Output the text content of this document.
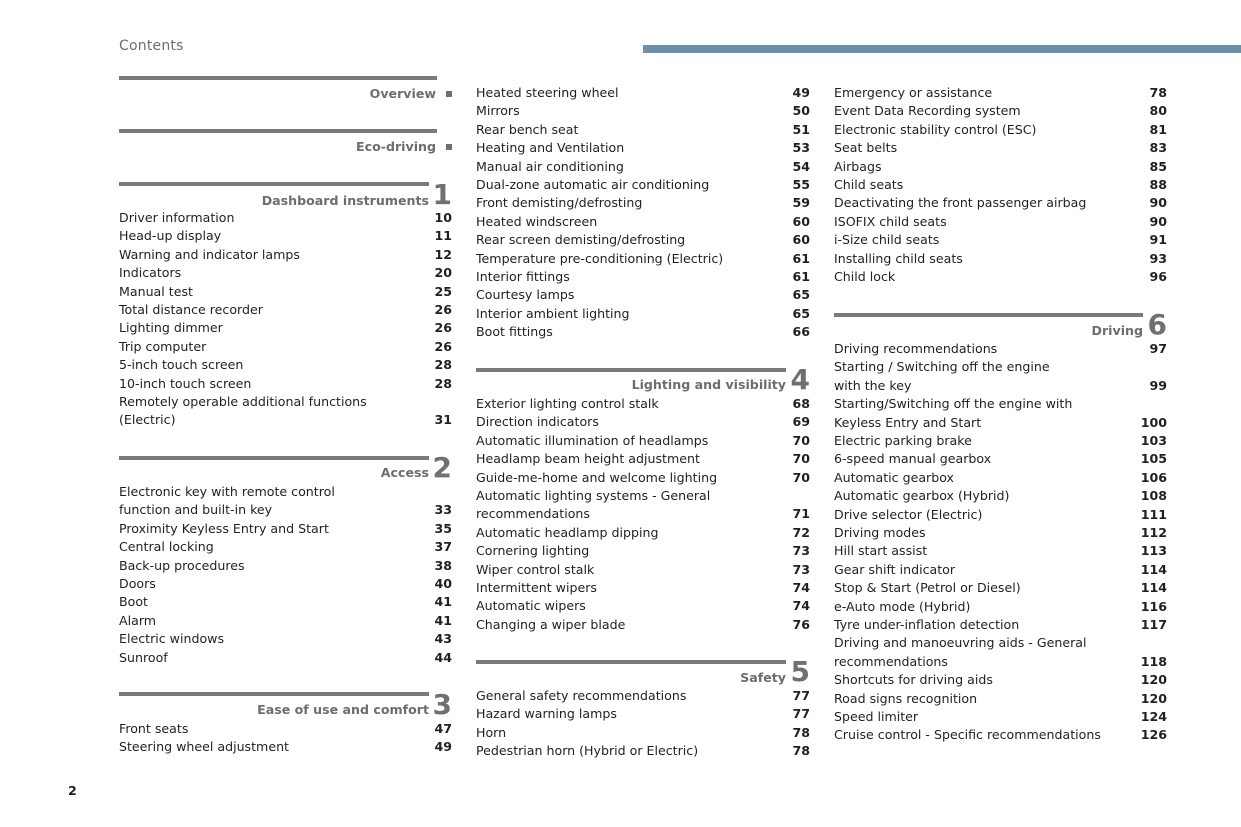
Contents
Overview
Eco-driving
Dashboard instruments 1
Driver information	10
Head-up display	11
Warning and indicator lamps	12
Indicators	20
Manual test	25
Total distance recorder	26
Lighting dimmer	26
Trip computer	26
5-inch touch screen	28
10-inch touch screen	28
Remotely operable additional functions
(Electric)	31
Access 2
Electronic key with remote control
function and built-in key	33
Proximity Keyless Entry and Start	35
Central locking	37
Back-up procedures	38
Doors	40
Boot	41
Alarm	41
Electric windows	43
Sunroof	44
Ease of use and comfort 3
Front seats	47
Steering wheel adjustment	49
Heated steering wheel	49
Mirrors	50
Rear bench seat	51
Heating and Ventilation	53
Manual air conditioning	54
Dual-zone automatic air conditioning	55
Front demisting/defrosting	59
Heated windscreen	60
Rear screen demisting/defrosting	60
Temperature pre-conditioning (Electric)	61
Interior fittings	61
Courtesy lamps	65
Interior ambient lighting	65
Boot fittings	66
Lighting and visibility 4
Exterior lighting control stalk	68
Direction indicators	69
Automatic illumination of headlamps	70
Headlamp beam height adjustment	70
Guide-me-home and welcome lighting	70
Automatic lighting systems - General
recommendations	71
Automatic headlamp dipping	72
Cornering lighting	73
Wiper control stalk	73
Intermittent wipers	74
Automatic wipers	74
Changing a wiper blade	76
Safety 5
General safety recommendations	77
Hazard warning lamps	77
Horn	78
Pedestrian horn (Hybrid or Electric)	78
Emergency or assistance	78
Event Data Recording system	80
Electronic stability control (ESC)	81
Seat belts	83
Airbags	85
Child seats	88
Deactivating the front passenger airbag	90
ISOFIX child seats	90
i-Size child seats	91
Installing child seats	93
Child lock	96
Driving 6
Driving recommendations	97
Starting / Switching off the engine
with the key	99
Starting/Switching off the engine with
Keyless Entry and Start	100
Electric parking brake	103
6-speed manual gearbox	105
Automatic gearbox	106
Automatic gearbox (Hybrid)	108
Drive selector (Electric)	111
Driving modes	112
Hill start assist	113
Gear shift indicator	114
Stop & Start (Petrol or Diesel)	114
e-Auto mode (Hybrid)	116
Tyre under-inflation detection	117
Driving and manoeuvring aids - General
recommendations	118
Shortcuts for driving aids	120
Road signs recognition	120
Speed limiter	124
Cruise control - Specific recommendations	126
2
